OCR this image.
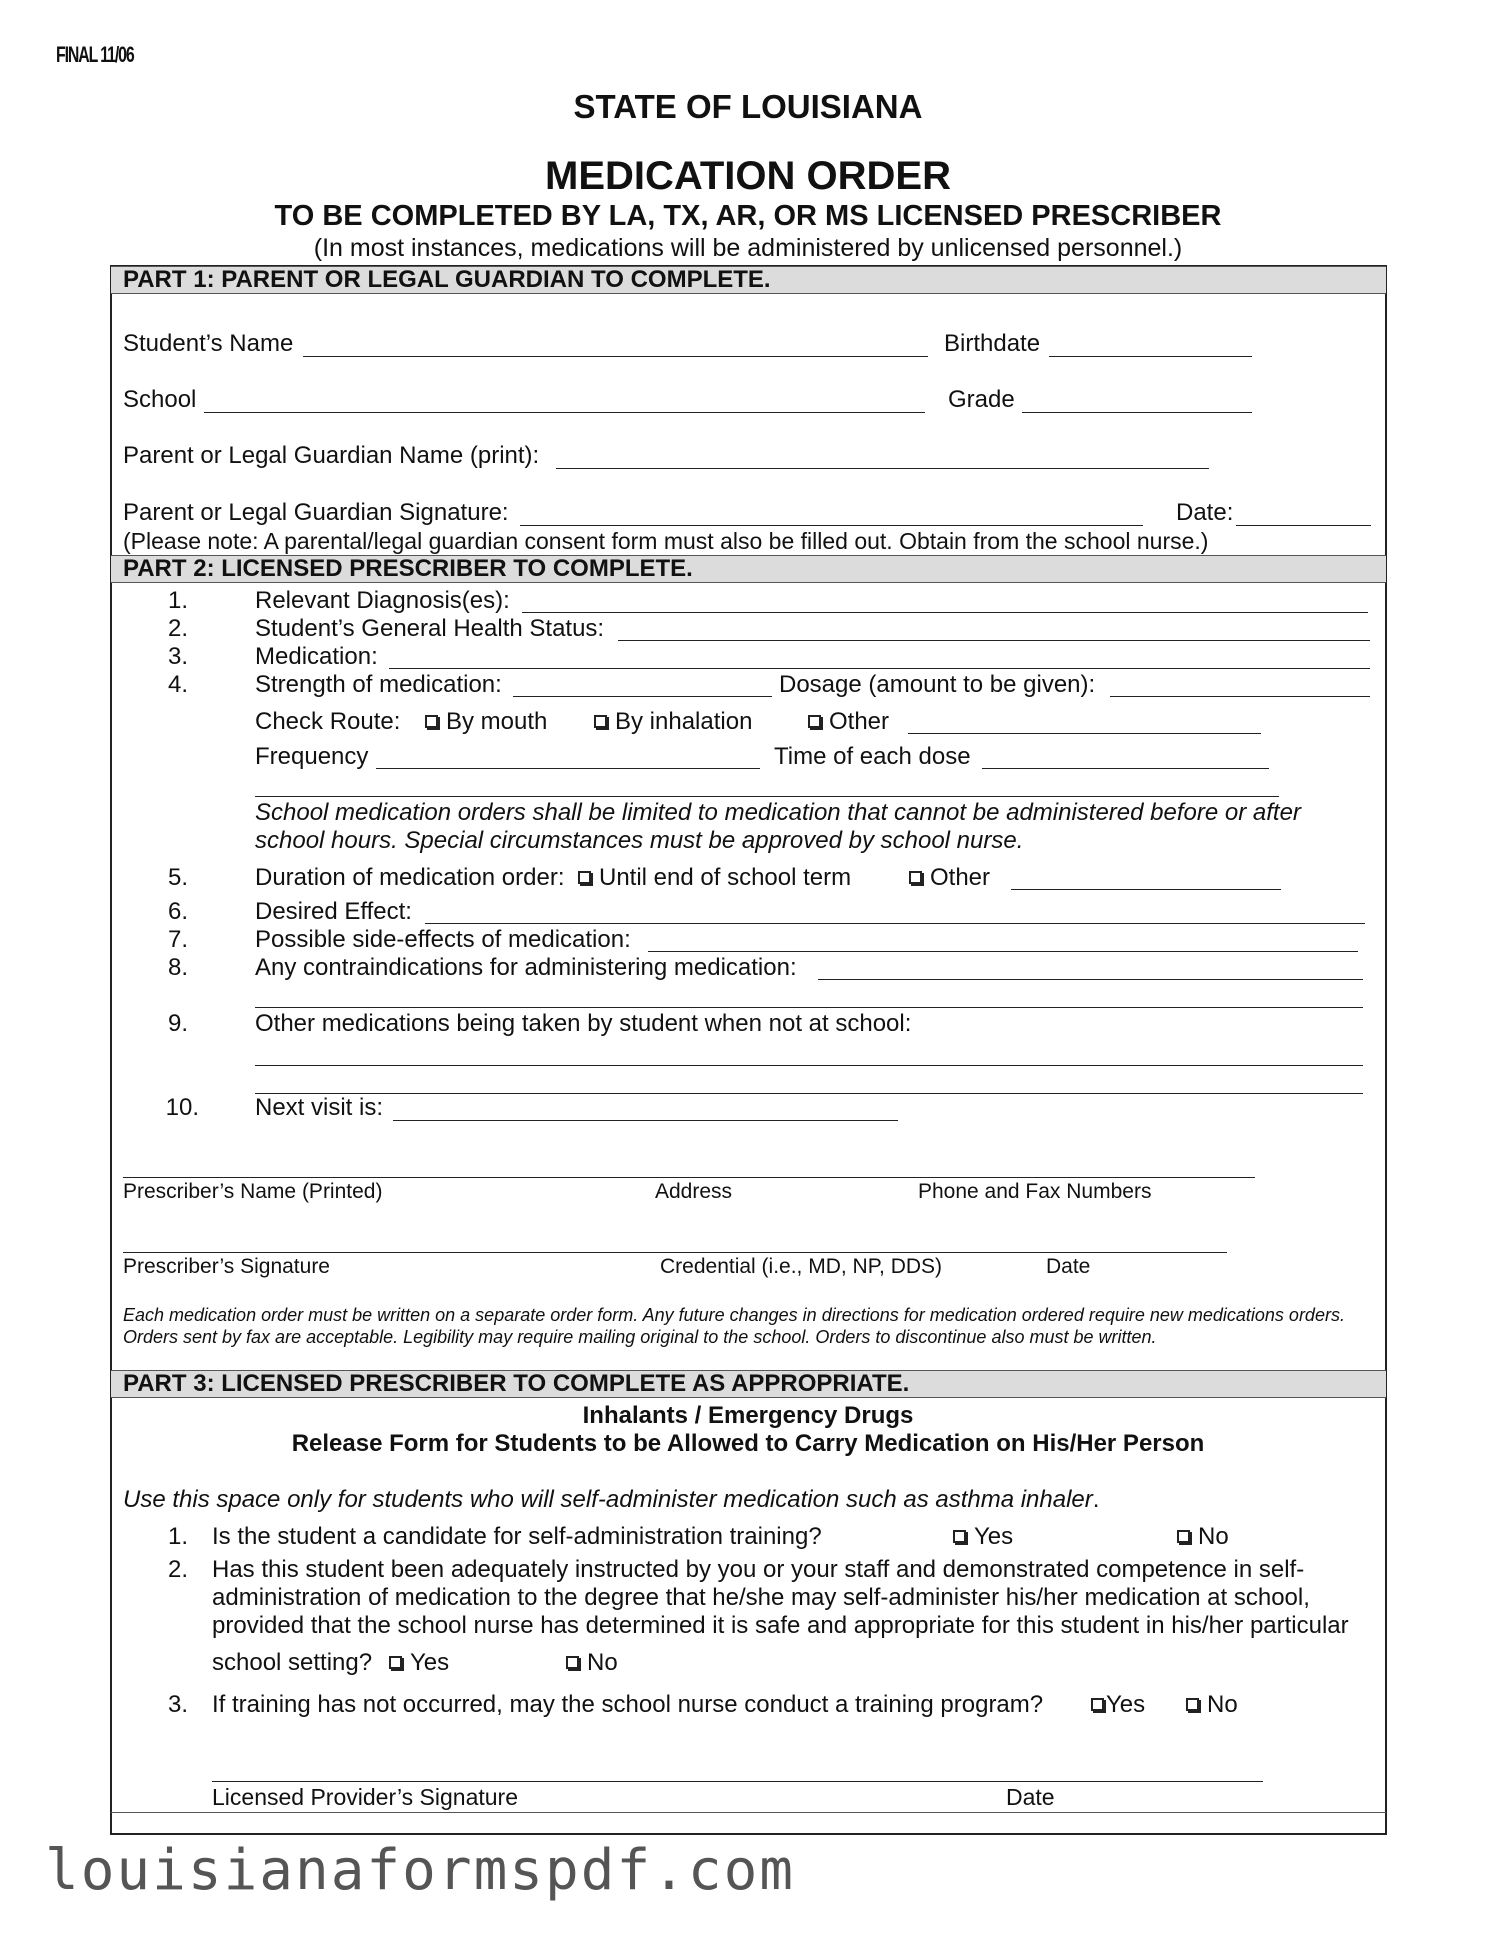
FINAL 11/06
STATE OF LOUISIANA
MEDICATION ORDER
TO BE COMPLETED BY LA, TX, AR, OR MS LICENSED PRESCRIBER
(In most instances, medications will be administered by unlicensed personnel.)
PART 1: PARENT OR LEGAL GUARDIAN TO COMPLETE.
Student’s Name	Birthdate
School	Grade
Parent or Legal Guardian Name (print):
Parent or Legal Guardian Signature:	Date:
(Please note: A parental/legal guardian consent form must also be filled out. Obtain from the school nurse.)
PART 2: LICENSED PRESCRIBER TO COMPLETE.
1.	Relevant Diagnosis(es):
2.	Student’s General Health Status:
3.	Medication:
4.	Strength of medication:	Dosage (amount to be given):
Check Route:	By mouth	By inhalation	Other
Frequency	Time of each dose
School medication orders shall be limited to medication that cannot be administered before or after
school hours. Special circumstances must be approved by school nurse.
5.	Duration of medication order:	Until end of school term	Other
6.	Desired Effect:
7.	Possible side-effects of medication:
8.	Any contraindications for administering medication:
9.	Other medications being taken by student when not at school:
10. Next visit is:
Prescriber’s Name (Printed)	Address	Phone and Fax Numbers
Prescriber’s Signature	Credential (i.e., MD, NP, DDS)	Date
Each medication order must be written on a separate order form. Any future changes in directions for medication ordered require new medications orders. Orders sent by fax are acceptable. Legibility may require mailing original to the school. Orders to discontinue also must be written.
PART 3: LICENSED PRESCRIBER TO COMPLETE AS APPROPRIATE.
Inhalants / Emergency Drugs
Release Form for Students to be Allowed to Carry Medication on His/Her Person
Use this space only for students who will self-administer medication such as asthma inhaler.
1. Is the student a candidate for self-administration training?	Yes	No
2. Has this student been adequately instructed by you or your staff and demonstrated competence in self-
administration of medication to the degree that he/she may self-administer his/her medication at school,
provided that the school nurse has determined it is safe and appropriate for this student in his/her particular
school setting?	Yes	No
3. If training has not occurred, may the school nurse conduct a training program?	Yes	No
Licensed Provider’s Signature	Date
louisianaformspdf.com
